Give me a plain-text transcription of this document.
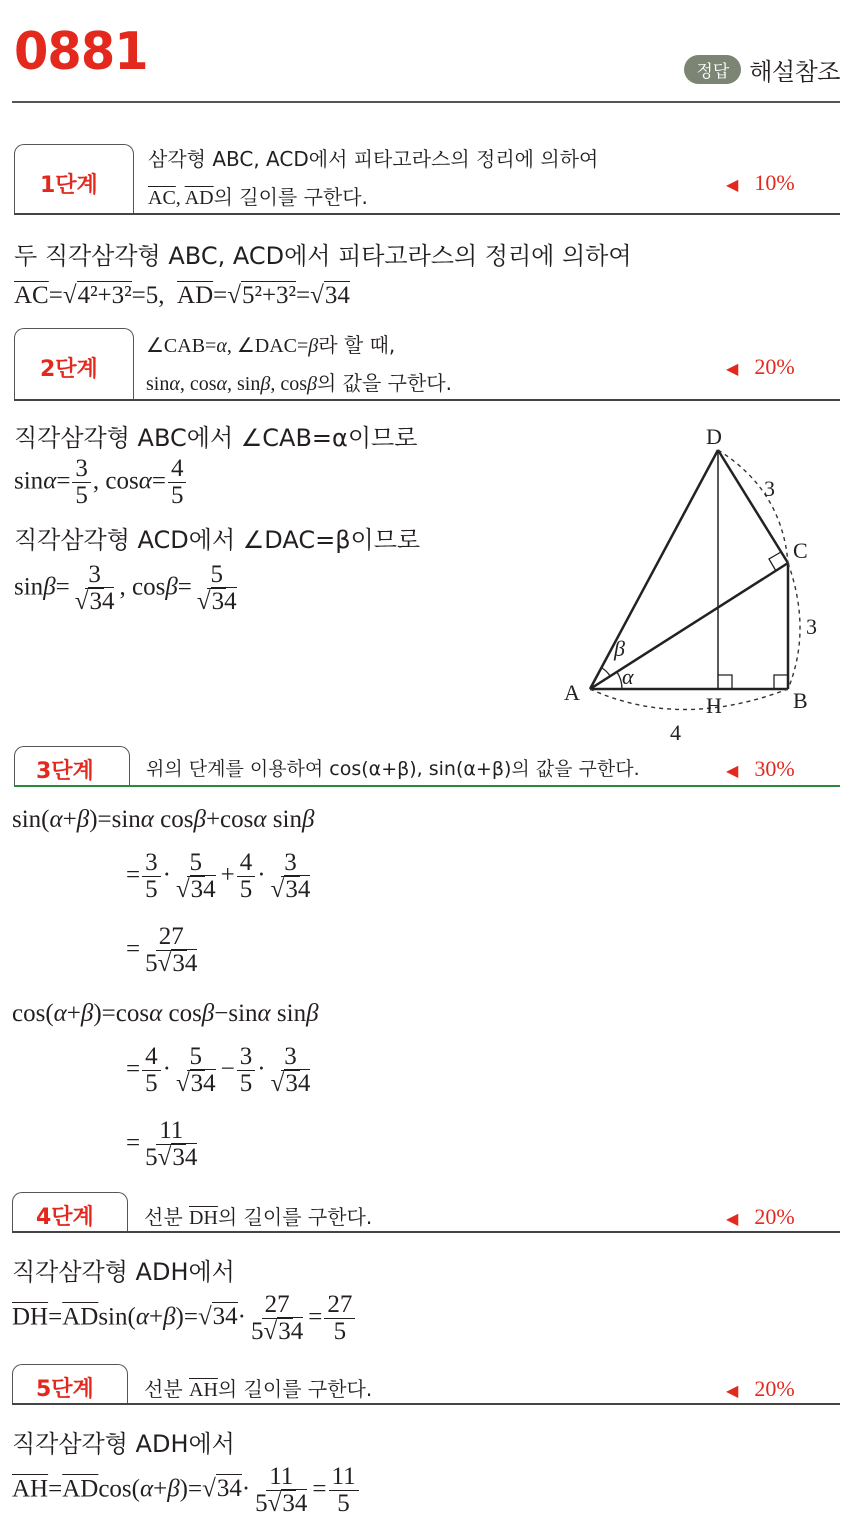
0881	정답 해설참조
1단계
삼각형 ABC, ACD에서 피타고라스의 정리에 의하여
$\overline{AC}$, $\overline{AD}$의 길이를 구한다.	◀ 10%
두 직각삼각형 ABC, ACD에서 피타고라스의 정리에 의하여
$\overline{AC}=√4^2+3^2=5$,  $\overline{AD}=√5^2+3^2=√34$
2단계
∠CAB=α, ∠DAC=β라 할 때,
sinα, cosα, sinβ, cosβ의 값을 구한다.
◀ 20%
직각삼각형 ABC에서 ∠CAB=α이므로
$\sin\alpha= \frac{3}{5}$ , $\cos\alpha= \frac{4}{5}$
직각삼각형 ACD에서 ∠DAC=β이므로
$\sin\beta= \frac{3}{√34}$ , $\cos\beta= \frac{5}{√34}$
A	B
C
D
H
α
β
4
3
3
3단계	위의 단계를 이용하여 cos(α+β), sin(α+β)의 값을 구한다.	◀ 30%
sin(α+β)=sinα cosβ+cosα sinβ
= $\frac{3}{5} \cdot \frac{5}{√34} + \frac{4}{5} \cdot \frac{3}{√34}$
= $\frac{27}{5√34}$
cos(α+β)=cosα cosβ−sinα sinβ
= $\frac{4}{5} \cdot \frac{5}{√34} - \frac{3}{5} \cdot \frac{3}{√34}$
= $\frac{11}{5√34}$
4단계	선분 $\overline{DH}$의 길이를 구한다.	◀ 20%
직각삼각형 ADH에서
$\overline{DH}=\overline{AD}\sin(\alpha+\beta)=√34\cdot \frac{27}{5√34} = \frac{27}{5}$
5단계	선분 $\overline{AH}$의 길이를 구한다.	◀ 20%
직각삼각형 ADH에서
$\overline{AH}=\overline{AD}\cos(\alpha+\beta)=√34\cdot \frac{11}{5√34} = \frac{11}{5}$
